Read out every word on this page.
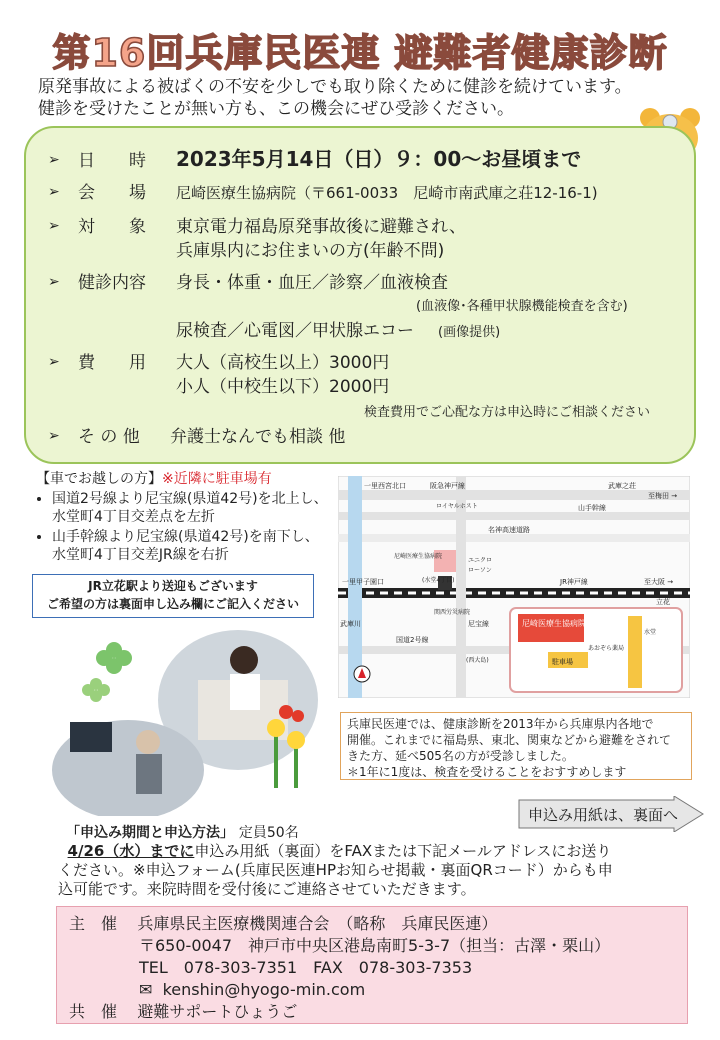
第16回兵庫民医連 避難者健康診断
原発事故による被ばくの不安を少しでも取り除くために健診を続けています。
健診を受けたことが無い方も、この機会にぜひ受診ください。
➢ 日　　時 2023年5月14日（日）９：00～お昼頃まで
➢ 会　　場 尼崎医療生協病院（〒661-0033　尼崎市南武庫之荘12-16-1)
➢ 対　　象 東京電力福島原発事故後に避難され、
兵庫県内にお住まいの方(年齢不問)
➢ 健診内容 身長・体重・血圧／診察／血液検査
(血液像･各種甲状腺機能検査を含む)
尿検査／心電図／甲状腺エコー (画像提供)
➢ 費　　用 大人（高校生以上）3000円
小人（中校生以下）2000円
検査費用でご心配な方は申込時にご相談ください
➢ そ の 他 弁護士なんでも相談 他
【車でお越しの方】※近隣に駐車場有
• 国道2号線より尼宝線(県道42号)を北上し、水堂町4丁目交差点を左折
• 山手幹線より尼宝線(県道42号)を南下し、水堂町4丁目交差JR線を右折
JR立花駅より送迎もございます
ご希望の方は裏面申し込み欄にご記入ください
一里西宮北口	阪急神戸線	武庫之荘
至梅田 →
ロイヤルホスト	山手幹線
名神高速道路
尼崎医療生協病院
ユニクロ
ローソン
一里甲子園口	(水堂4丁目)	JR神戸線	至大阪 →
立花
関西労災病院
尼宝線
武庫川
国道2号線
(西大島)
尼崎医療生協病院
あおぞら薬局
駐車場
水堂
兵庫民医連では、健康診断を2013年から兵庫県内各地で
開催。これまでに福島県、東北、関東などから避難をされて
きた方、延べ505名の方が受診しました。
＊1年に1度は、検査を受けることをおすすめします
申込み用紙は、裏面へ
「申込み期間と申込方法」 定員50名
4/26（水）までに申込み用紙（裏面）をFAXまたは下記メールアドレスにお送り
ください。※申込フォーム(兵庫民医連HPお知らせ掲載・裏面QRコード）からも申
込可能です。来院時間を受付後にご連絡させていただきます。
主　催 兵庫県民主医療機関連合会　（略称　兵庫民医連）
〒650-0047　神戸市中央区港島南町5-3-7（担当：古澤・栗山）
TEL　078-303-7351　FAX　078-303-7353
✉ kenshin@hyogo-min.com
共　催 避難サポートひょうご
